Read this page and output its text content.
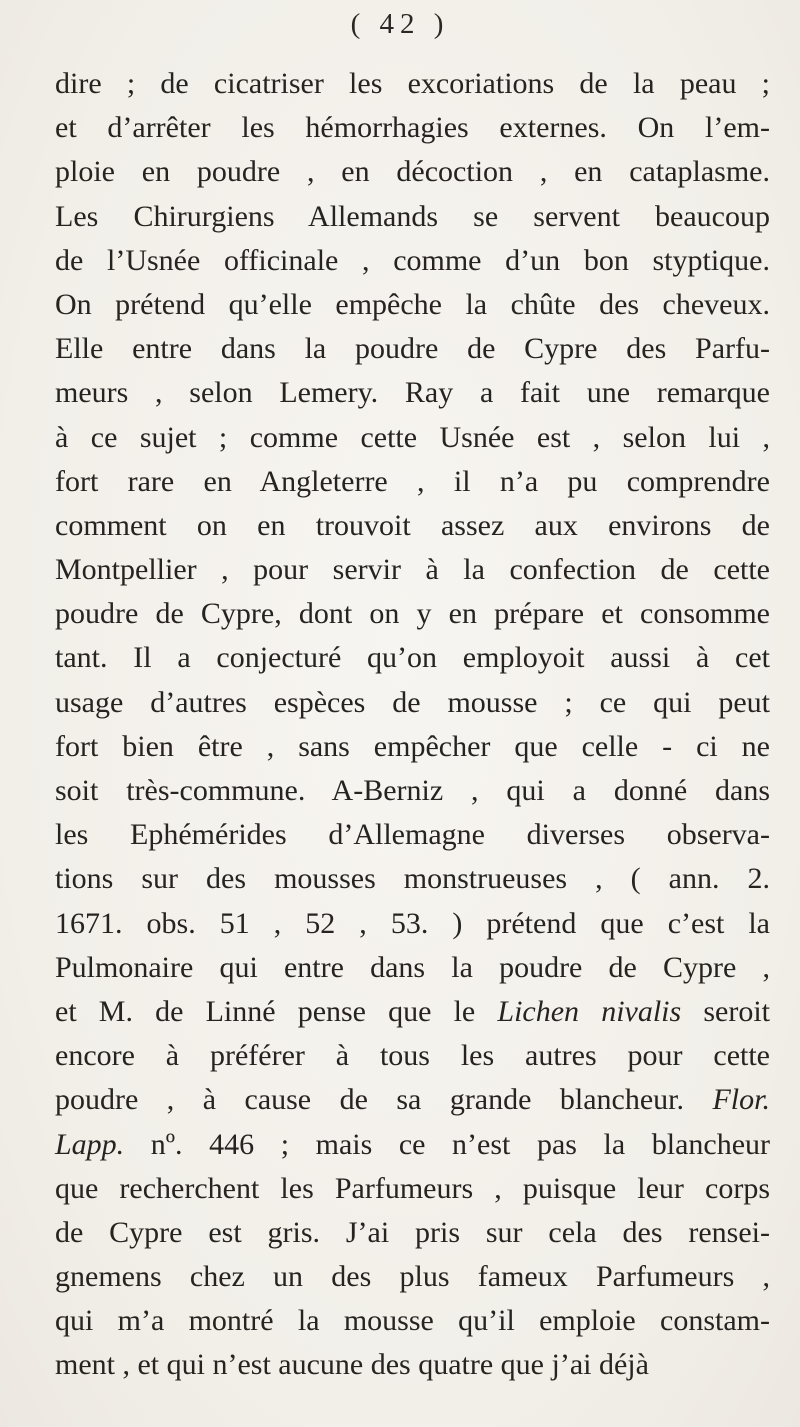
( 42 )
dire ; de cicatriser les excoriations de la peau ;
et d’arrêter les hémorrhagies externes. On l’em-
ploie en poudre , en décoction , en cataplasme.
Les Chirurgiens Allemands se servent beaucoup
de l’Usnée officinale , comme d’un bon styptique.
On prétend qu’elle empêche la chûte des cheveux.
Elle entre dans la poudre de Cypre des Parfu-
meurs , selon Lemery. Ray a fait une remarque
à ce sujet ; comme cette Usnée est , selon lui ,
fort rare en Angleterre , il n’a pu comprendre
comment on en trouvoit assez aux environs de
Montpellier , pour servir à la confection de cette
poudre de Cypre, dont on y en prépare et consomme
tant. Il a conjecturé qu’on employoit aussi à cet
usage d’autres espèces de mousse ; ce qui peut
fort bien être , sans empêcher que celle - ci ne
soit très-commune. A-Berniz , qui a donné dans
les Ephémérides d’Allemagne diverses observa-
tions sur des mousses monstrueuses , ( ann. 2.
1671. obs. 51 , 52 , 53. ) prétend que c’est la
Pulmonaire qui entre dans la poudre de Cypre ,
et M. de Linné pense que le Lichen nivalis seroit
encore à préférer à tous les autres pour cette
poudre , à cause de sa grande blancheur. Flor.
Lapp. nº. 446 ; mais ce n’est pas la blancheur
que recherchent les Parfumeurs , puisque leur corps
de Cypre est gris. J’ai pris sur cela des rensei-
gnemens chez un des plus fameux Parfumeurs ,
qui m’a montré la mousse qu’il emploie constam-
ment , et qui n’est aucune des quatre que j’ai déjà
